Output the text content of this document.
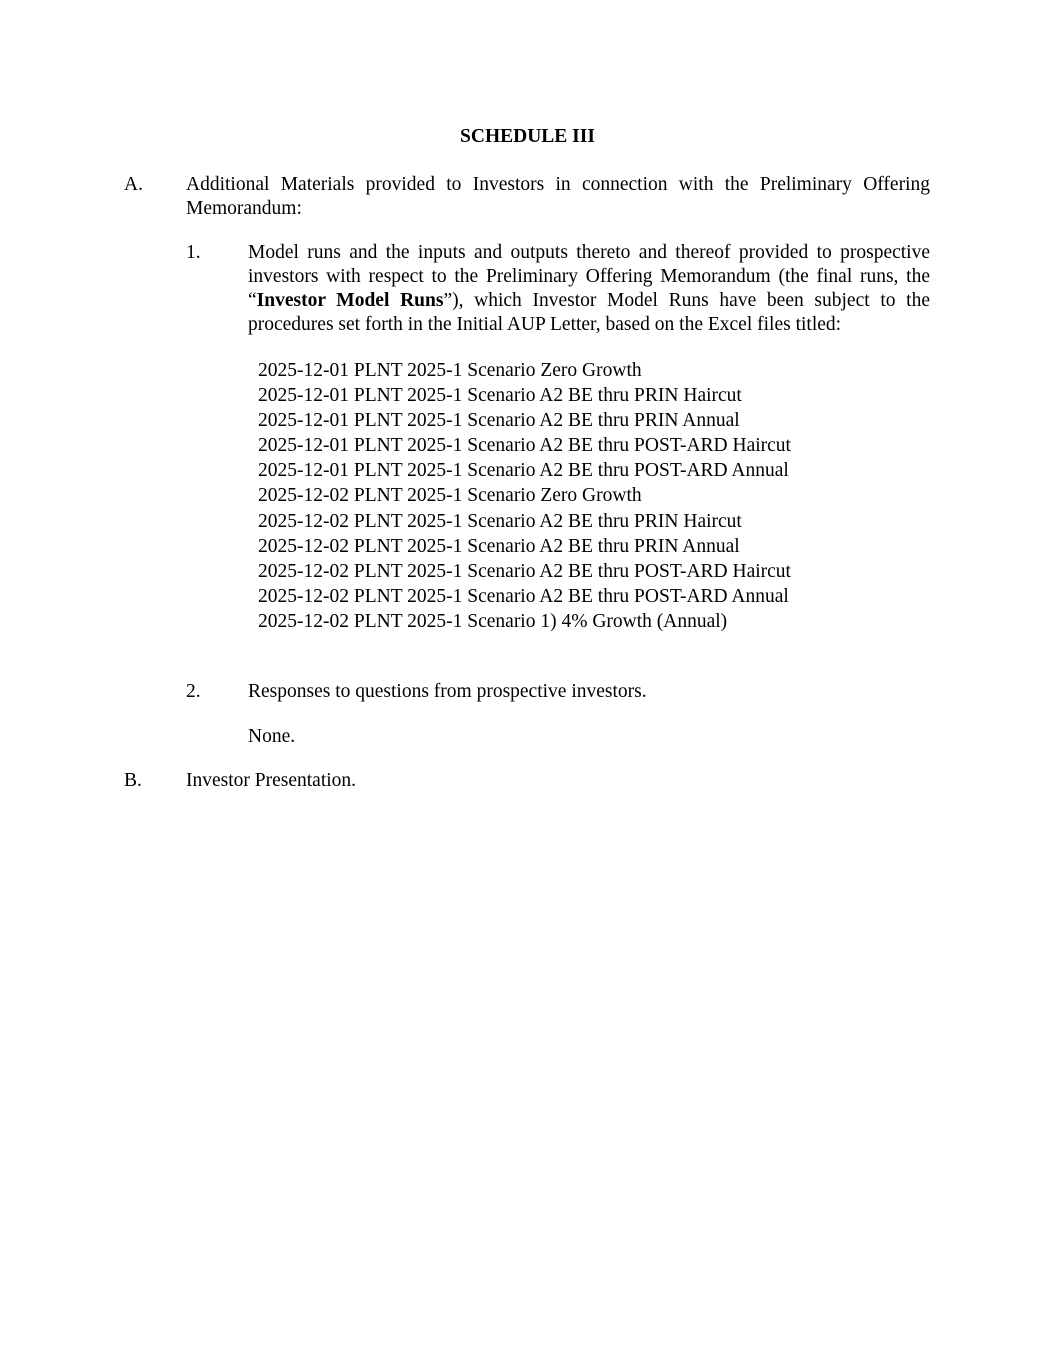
SCHEDULE III
A. Additional Materials provided to Investors in connection with the Preliminary Offering Memorandum:
1. Model runs and the inputs and outputs thereto and thereof provided to prospective investors with respect to the Preliminary Offering Memorandum (the final runs, the “Investor Model Runs”), which Investor Model Runs have been subject to the procedures set forth in the Initial AUP Letter, based on the Excel files titled:
2025-12-01 PLNT 2025-1 Scenario Zero Growth
2025-12-01 PLNT 2025-1 Scenario A2 BE thru PRIN Haircut
2025-12-01 PLNT 2025-1 Scenario A2 BE thru PRIN Annual
2025-12-01 PLNT 2025-1 Scenario A2 BE thru POST-ARD Haircut
2025-12-01 PLNT 2025-1 Scenario A2 BE thru POST-ARD Annual
2025-12-02 PLNT 2025-1 Scenario Zero Growth
2025-12-02 PLNT 2025-1 Scenario A2 BE thru PRIN Haircut
2025-12-02 PLNT 2025-1 Scenario A2 BE thru PRIN Annual
2025-12-02 PLNT 2025-1 Scenario A2 BE thru POST-ARD Haircut
2025-12-02 PLNT 2025-1 Scenario A2 BE thru POST-ARD Annual
2025-12-02 PLNT 2025-1 Scenario 1) 4% Growth (Annual)
2. Responses to questions from prospective investors.
None.
B. Investor Presentation.
